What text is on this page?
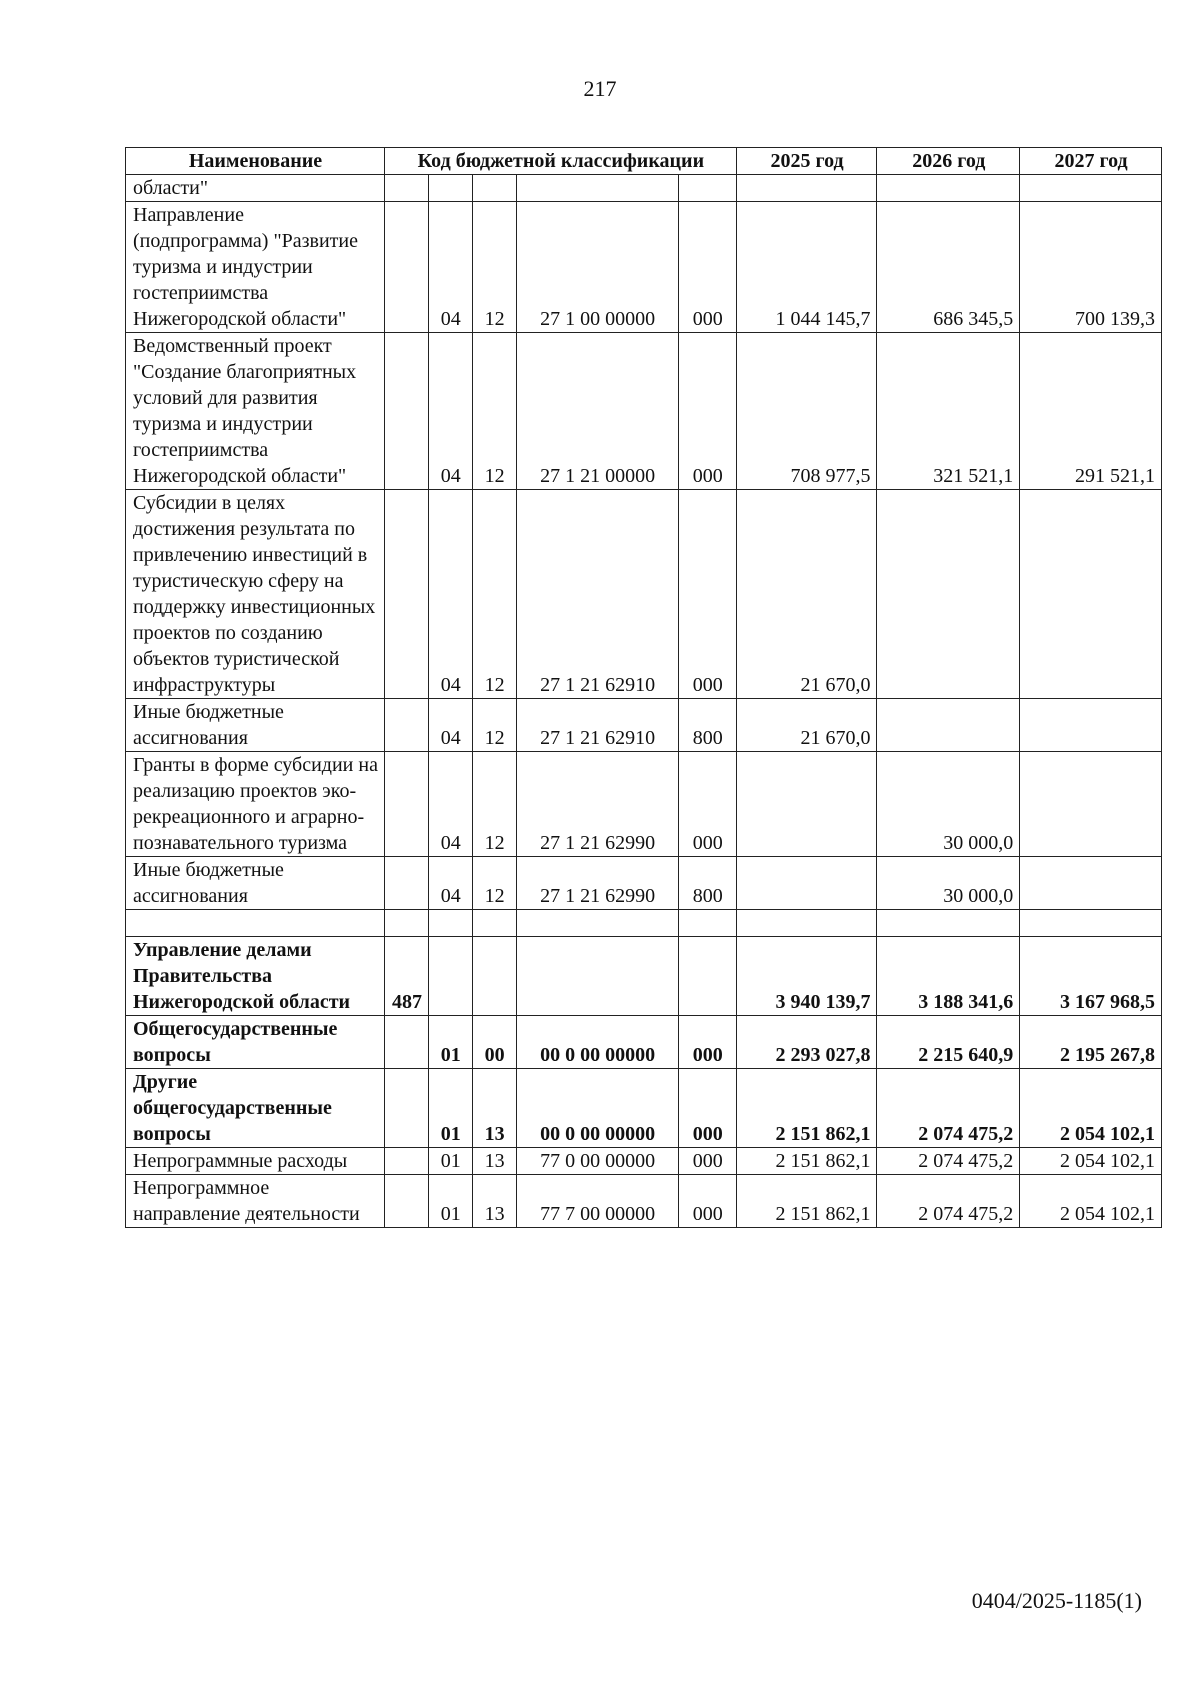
217
Наименование	Код бюджетной классификации					2025 год	2026 год	2027 год
области"								
Направление (подпрограмма) "Развитие туризма и индустрии гостеприимства Нижегородской области"		04	12	27 1 00 00000	000	1 044 145,7	686 345,5	700 139,3
Ведомственный проект "Создание благоприятных условий для развития туризма и индустрии гостеприимства Нижегородской области"		04	12	27 1 21 00000	000	708 977,5	321 521,1	291 521,1
Субсидии в целях достижения результата по привлечению инвестиций в туристическую сферу на поддержку инвестиционных проектов по созданию объектов туристической инфраструктуры		04	12	27 1 21 62910	000	21 670,0		
Иные бюджетные ассигнования		04	12	27 1 21 62910	800	21 670,0		
Гранты в форме субсидии на реализацию проектов эко-рекреационного и аграрно-познавательного туризма		04	12	27 1 21 62990	000		30 000,0	
Иные бюджетные ассигнования		04	12	27 1 21 62990	800		30 000,0	

Управление делами Правительства Нижегородской области	487					3 940 139,7	3 188 341,6	3 167 968,5
Общегосударственные вопросы		01	00	00 0 00 00000	000	2 293 027,8	2 215 640,9	2 195 267,8
Другие общегосударственные вопросы		01	13	00 0 00 00000	000	2 151 862,1	2 074 475,2	2 054 102,1
Непрограммные расходы		01	13	77 0 00 00000	000	2 151 862,1	2 074 475,2	2 054 102,1
Непрограммное направление деятельности		01	13	77 7 00 00000	000	2 151 862,1	2 074 475,2	2 054 102,1
0404/2025-1185(1)
